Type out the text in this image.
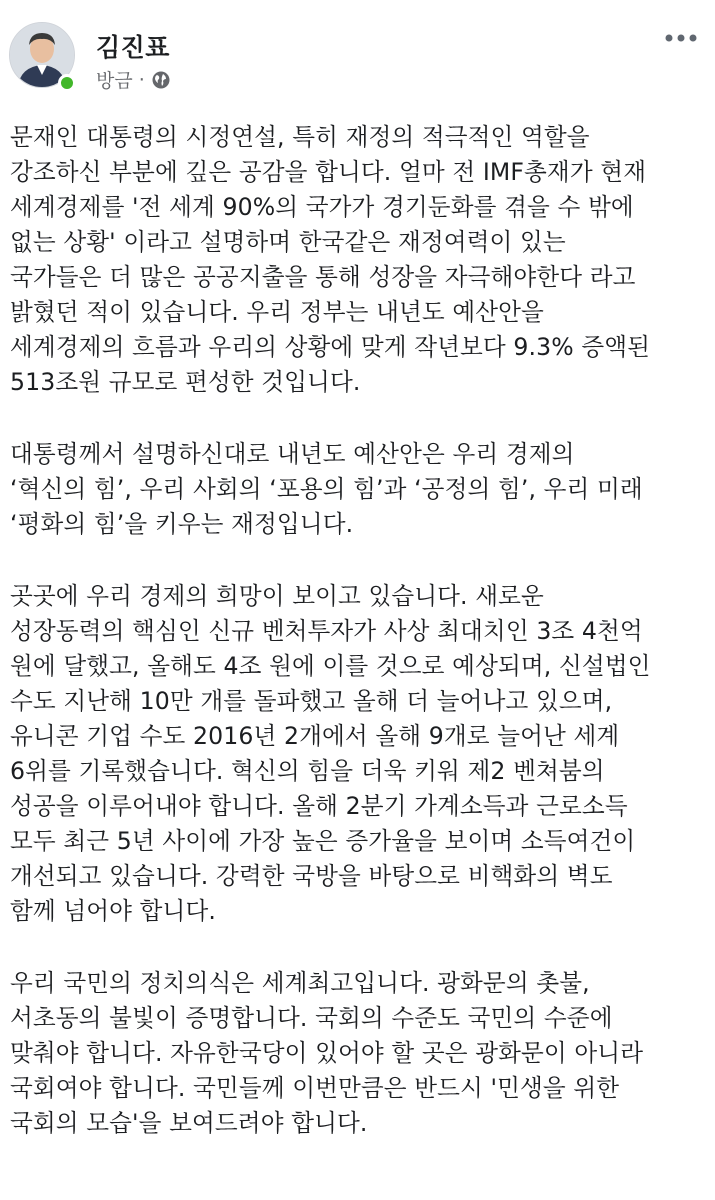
김진표
방금 ·
문재인 대통령의 시정연설, 특히 재정의 적극적인 역할을
강조하신 부분에 깊은 공감을 합니다. 얼마 전 IMF총재가 현재
세계경제를 '전 세계 90%의 국가가 경기둔화를 겪을 수 밖에
없는 상황' 이라고 설명하며 한국같은 재정여력이 있는
국가들은 더 많은 공공지출을 통해 성장을 자극해야한다 라고
밝혔던 적이 있습니다. 우리 정부는 내년도 예산안을
세계경제의 흐름과 우리의 상황에 맞게 작년보다 9.3% 증액된
513조원 규모로 편성한 것입니다.
대통령께서 설명하신대로 내년도 예산안은 우리 경제의
‘혁신의 힘’, 우리 사회의 ‘포용의 힘’과 ‘공정의 힘’, 우리 미래
‘평화의 힘’을 키우는 재정입니다.
곳곳에 우리 경제의 희망이 보이고 있습니다. 새로운
성장동력의 핵심인 신규 벤처투자가 사상 최대치인 3조 4천억
원에 달했고, 올해도 4조 원에 이를 것으로 예상되며, 신설법인
수도 지난해 10만 개를 돌파했고 올해 더 늘어나고 있으며,
유니콘 기업 수도 2016년 2개에서 올해 9개로 늘어난 세계
6위를 기록했습니다. 혁신의 힘을 더욱 키워 제2 벤쳐붐의
성공을 이루어내야 합니다. 올해 2분기 가계소득과 근로소득
모두 최근 5년 사이에 가장 높은 증가율을 보이며 소득여건이
개선되고 있습니다. 강력한 국방을 바탕으로 비핵화의 벽도
함께 넘어야 합니다.
우리 국민의 정치의식은 세계최고입니다. 광화문의 촛불,
서초동의 불빛이 증명합니다. 국회의 수준도 국민의 수준에
맞춰야 합니다. 자유한국당이 있어야 할 곳은 광화문이 아니라
국회여야 합니다. 국민들께 이번만큼은 반드시 '민생을 위한
국회의 모습'을 보여드려야 합니다.
